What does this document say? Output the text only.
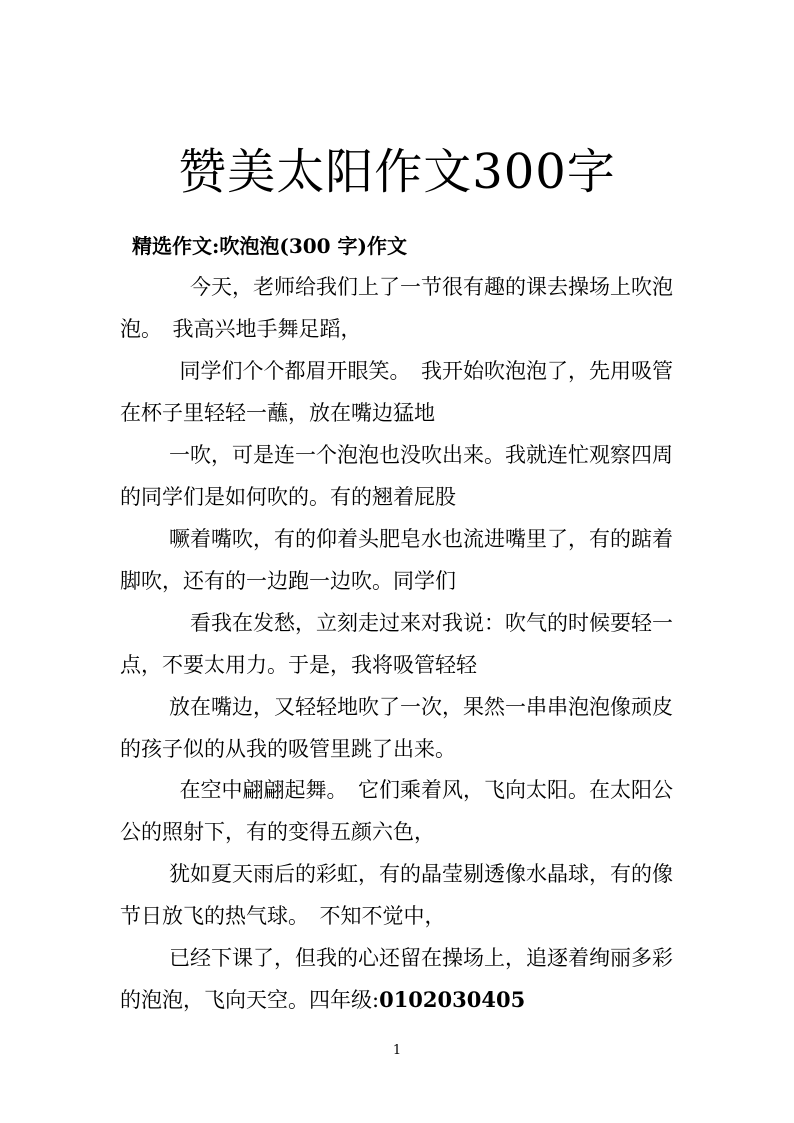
赞美太阳作文300字
精选作文:吹泡泡(300 字)作文
今天，老师给我们上了一节很有趣的课去操场上吹泡
泡。　我高兴地手舞足蹈，
同学们个个都眉开眼笑。　我开始吹泡泡了，先用吸管
在杯子里轻轻一蘸，放在嘴边猛地
一吹，可是连一个泡泡也没吹出来。我就连忙观察四周
的同学们是如何吹的。有的翘着屁股
噘着嘴吹，有的仰着头肥皂水也流进嘴里了，有的踮着
脚吹，还有的一边跑一边吹。同学们
看我在发愁，立刻走过来对我说：吹气的时候要轻一
点，不要太用力。于是，我将吸管轻轻
放在嘴边，又轻轻地吹了一次，果然一串串泡泡像顽皮
的孩子似的从我的吸管里跳了出来。
在空中翩翩起舞。　它们乘着风，飞向太阳。在太阳公
公的照射下，有的变得五颜六色，
犹如夏天雨后的彩虹，有的晶莹剔透像水晶球，有的像
节日放飞的热气球。　不知不觉中，
已经下课了，但我的心还留在操场上，追逐着绚丽多彩
的泡泡，飞向天空。四年级:0102030405
1
